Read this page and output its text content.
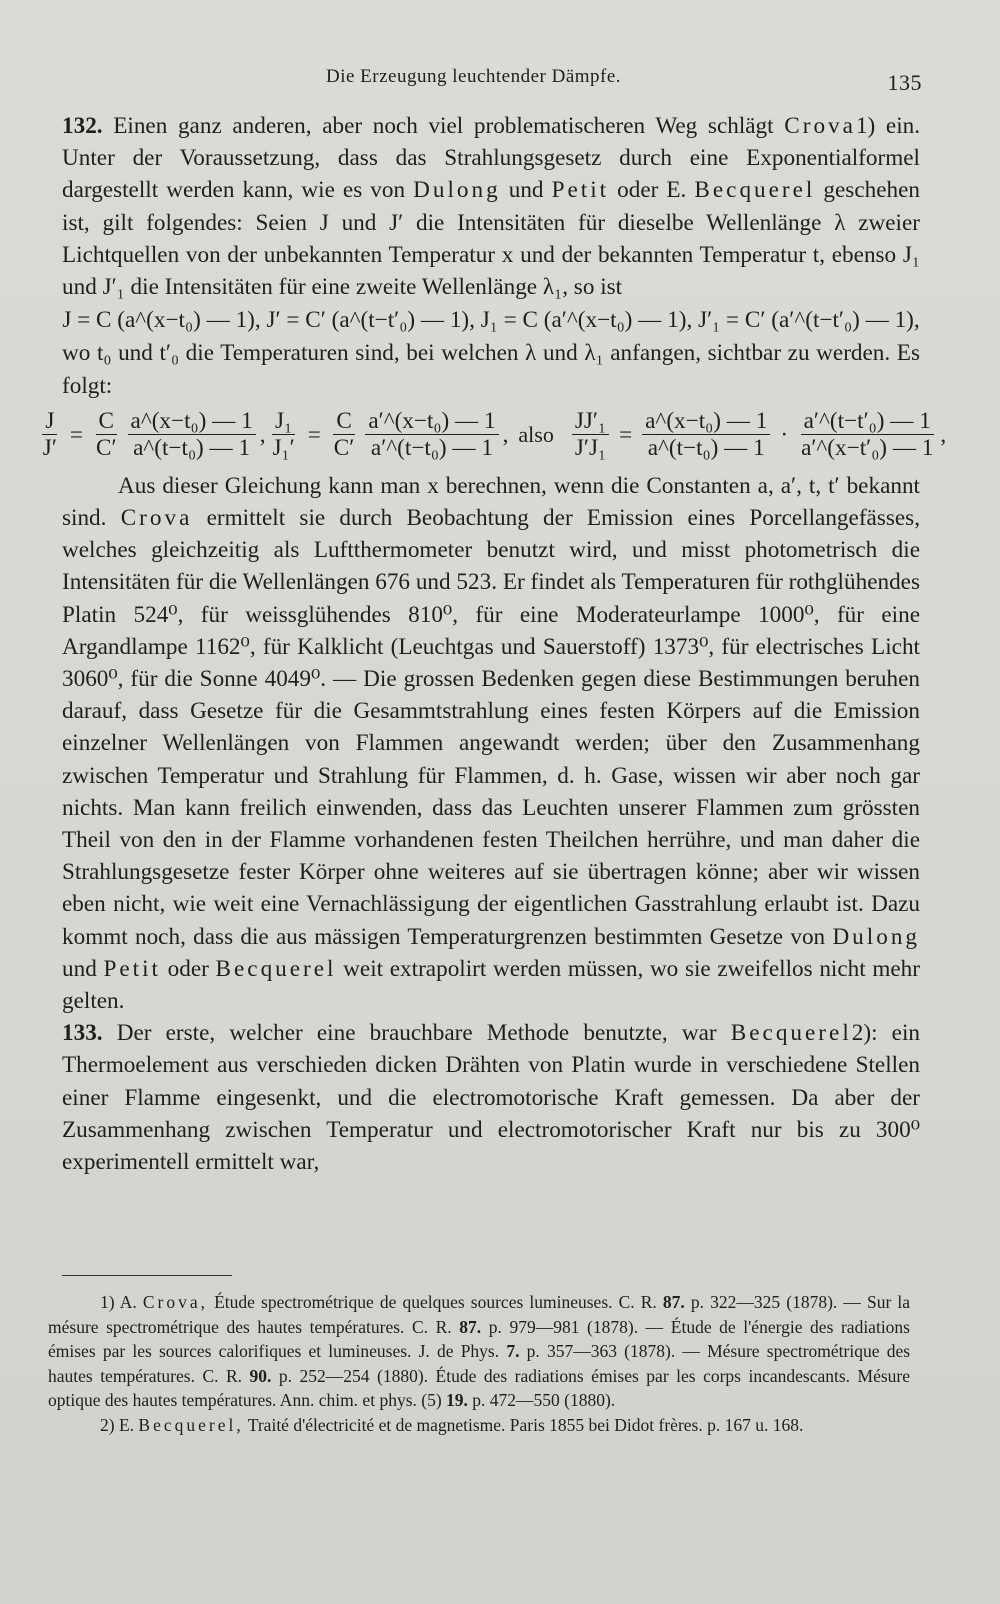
Die Erzeugung leuchtender Dämpfe.	135

132. Einen ganz anderen, aber noch viel problematischeren Weg schlägt Crova1) ein. Unter der Voraussetzung, dass das Strahlungsgesetz durch eine Exponentialformel dargestellt werden kann, wie es von Dulong und Petit oder E. Becquerel geschehen ist, gilt folgendes: Seien J und J′ die Intensitäten für dieselbe Wellenlänge λ zweier Lichtquellen von der unbekannten Temperatur x und der bekannten Temperatur t, ebenso J₁ und J′₁ die Intensitäten für eine zweite Wellenlänge λ₁, so ist

J = C (a^(x−t₀) — 1), J′ = C′ (a^(t−t′₀) — 1), J₁ = C (a′^(x−t₀) — 1), J′₁ = C′ (a′^(t−t′₀) — 1),

wo t₀ und t′₀ die Temperaturen sind, bei welchen λ und λ₁ anfangen, sichtbar zu werden. Es folgt:

$\frac{J}{J'} = \frac{C}{C'} \frac{\text{a\textasciicircum{}(x−t₀) — 1}}{\text{a\textasciicircum{}(t−t₀) — 1}}$ , $\frac{\text{J₁}}{\text{J₁′}} = \frac{C}{C'} \frac{\text{a′\textasciicircum{}(x−t₀) — 1}}{\text{a′\textasciicircum{}(t−t₀) — 1}}$ , also $\frac{\text{JJ′₁}}{\text{J′J₁}} = \frac{\text{a\textasciicircum{}(x−t₀) — 1}}{\text{a\textasciicircum{}(t−t₀) — 1}} \cdot \frac{\text{a′\textasciicircum{}(t−t′₀) — 1}}{\text{a′\textasciicircum{}(x−t′₀) — 1}}$ ,

Aus dieser Gleichung kann man x berechnen, wenn die Constanten a, a′, t, t′ bekannt sind. Crova ermittelt sie durch Beobachtung der Emission eines Porcellangefässes, welches gleichzeitig als Luftthermometer benutzt wird, und misst photometrisch die Intensitäten für die Wellenlängen 676 und 523. Er findet als Temperaturen für rothglühendes Platin 524⁰, für weissglühendes 810⁰, für eine Moderateurlampe 1000⁰, für eine Argandlampe 1162⁰, für Kalklicht (Leuchtgas und Sauerstoff) 1373⁰, für electrisches Licht 3060⁰, für die Sonne 4049⁰. — Die grossen Bedenken gegen diese Bestimmungen beruhen darauf, dass Gesetze für die Gesammtstrahlung eines festen Körpers auf die Emission einzelner Wellenlängen von Flammen angewandt werden; über den Zusammenhang zwischen Temperatur und Strahlung für Flammen, d. h. Gase, wissen wir aber noch gar nichts. Man kann freilich einwenden, dass das Leuchten unserer Flammen zum grössten Theil von den in der Flamme vorhandenen festen Theilchen herrühre, und man daher die Strahlungsgesetze fester Körper ohne weiteres auf sie übertragen könne; aber wir wissen eben nicht, wie weit eine Vernachlässigung der eigentlichen Gasstrahlung erlaubt ist. Dazu kommt noch, dass die aus mässigen Temperaturgrenzen bestimmten Gesetze von Dulong und Petit oder Becquerel weit extrapolirt werden müssen, wo sie zweifellos nicht mehr gelten.

133. Der erste, welcher eine brauchbare Methode benutzte, war Becquerel2): ein Thermoelement aus verschieden dicken Drähten von Platin wurde in verschiedene Stellen einer Flamme eingesenkt, und die electromotorische Kraft gemessen. Da aber der Zusammenhang zwischen Temperatur und electromotorischer Kraft nur bis zu 300⁰ experimentell ermittelt war,

1) A. Crova, Étude spectrométrique de quelques sources lumineuses. C. R. 87. p. 322—325 (1878). — Sur la mésure spectrométrique des hautes températures. C. R. 87. p. 979—981 (1878). — Étude de l'énergie des radiations émises par les sources calorifiques et lumineuses. J. de Phys. 7. p. 357—363 (1878). — Mésure spectrométrique des hautes températures. C. R. 90. p. 252—254 (1880). Étude des radiations émises par les corps incandescants. Mésure optique des hautes températures. Ann. chim. et phys. (5) 19. p. 472—550 (1880).

2) E. Becquerel, Traité d'électricité et de magnetisme. Paris 1855 bei Didot frères. p. 167 u. 168.
